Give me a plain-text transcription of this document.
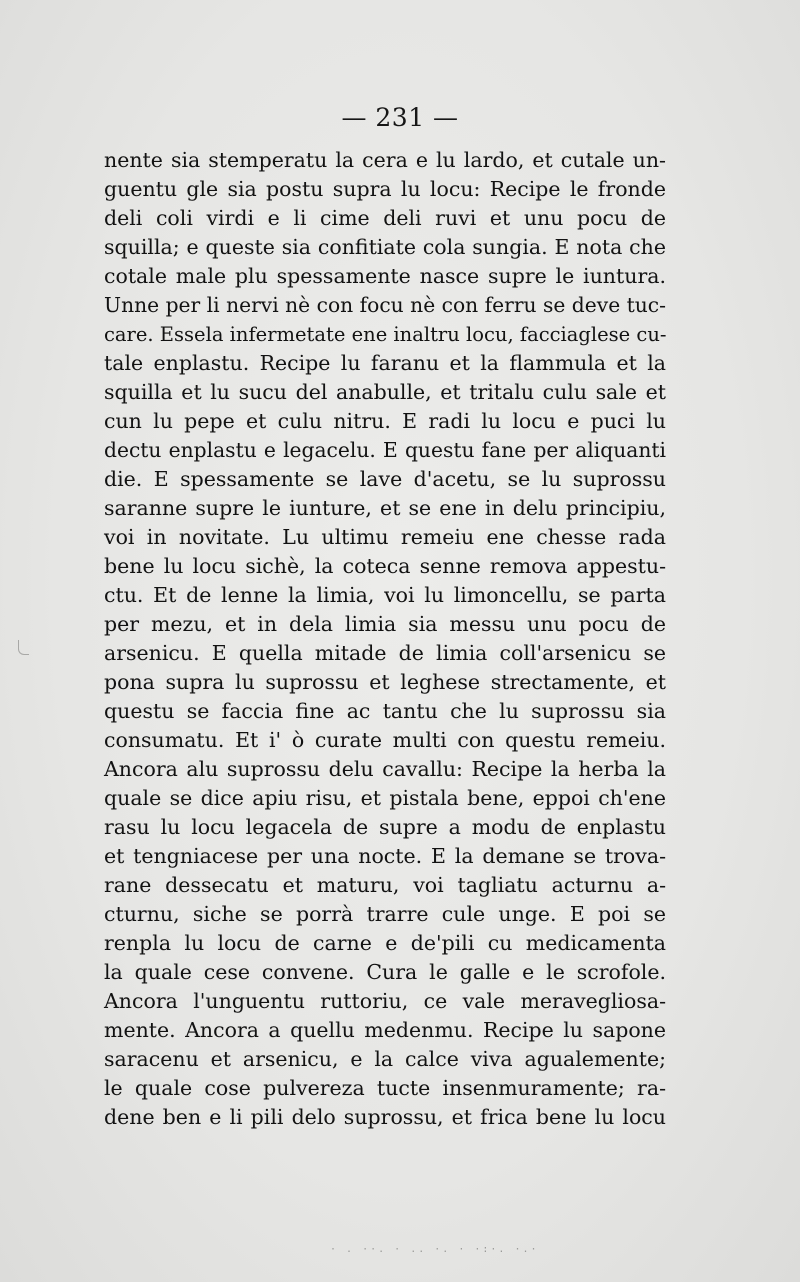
— 231 —
nente sia stemperatu la cera e lu lardo, et cutale un-
guentu gle sia postu supra lu locu: Recipe le fronde
deli coli virdi e li cime deli ruvi et unu pocu de
squilla; e queste sia confitiate cola sungia. E nota che
cotale male plu spessamente nasce supre le iuntura.
Unne per li nervi nè con focu nè con ferru se deve tuc-
care. Essela infermetate ene inaltru locu, facciaglese cu-
tale enplastu. Recipe lu faranu et la flammula et la
squilla et lu sucu del anabulle, et tritalu culu sale et
cun lu pepe et culu nitru. E radi lu locu e puci lu
dectu enplastu e legacelu. E questu fane per aliquanti
die. E spessamente se lave d'acetu, se lu suprossu
saranne supre le iunture, et se ene in delu principiu,
voi in novitate. Lu ultimu remeiu ene chesse rada
bene lu locu sichè, la coteca senne removа appestu-
ctu. Et de lenne la limia, voi lu limoncellu, se parta
per mezu, et in dela limia sia messu unu pocu de
arsenicu. E quella mitade de limia coll'arsenicu se
pona supra lu suprossu et leghese strectamente, et
questu se faccia fine ac tantu che lu suprossu sia
consumatu. Et i' ò curate multi con questu remeiu.
Ancora alu suprossu delu cavallu: Recipe la herba la
quale se dice apiu risu, et pistala bene, eppoi ch'ene
rasu lu locu legacela de supre a modu de enplastu
et tengniacese per una nocte. E la demane se trova-
rane dessecatu et maturu, voi tagliatu acturnu a-
cturnu, siche se porrà trarre cule unge. E poi se
renpla lu locu de carne e de'pili cu medicamenta
la quale cese convene. Cura le galle e le scrofole.
Ancora l'unguentu ruttoriu, ce vale meravegliosa-
mente. Ancora a quellu medenmu. Recipe lu sapone
saracenu et arsenicu, e la calce viva agualemente;
le quale cose pulvereza tucte insenmuramente; ra-
dene ben e li pili delo suprossu, et frica bene lu locu
· . ··. · .. ·. · ·:·. ·.·
